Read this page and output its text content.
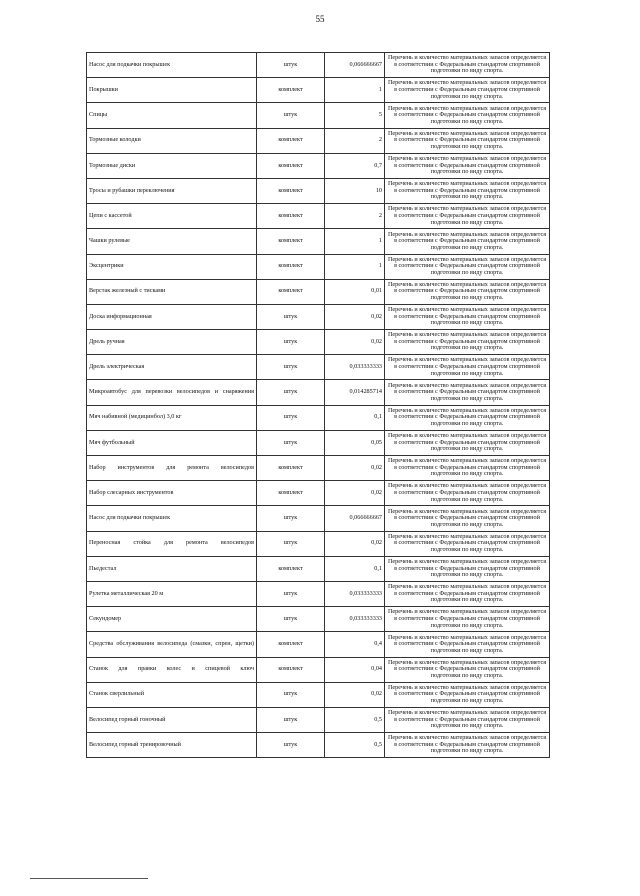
55
Насос для подкачки покрышек	штук	0,066666667	Перечень и количество материальных запасов определяется в соответствии с Федеральным стандартом спортивной подготовки по виду спорта.
Покрышки	комплект	1	Перечень и количество материальных запасов определяется в соответствии с Федеральным стандартом спортивной подготовки по виду спорта.
Спицы	штук	5	Перечень и количество материальных запасов определяется в соответствии с Федеральным стандартом спортивной подготовки по виду спорта.
Тормозные колодки	комплект	2	Перечень и количество материальных запасов определяется в соответствии с Федеральным стандартом спортивной подготовки по виду спорта.
Тормозные диски	комплект	0,7	Перечень и количество материальных запасов определяется в соответствии с Федеральным стандартом спортивной подготовки по виду спорта.
Тросы и рубашки переключения	комплект	10	Перечень и количество материальных запасов определяется в соответствии с Федеральным стандартом спортивной подготовки по виду спорта.
Цепи с кассетой	комплект	2	Перечень и количество материальных запасов определяется в соответствии с Федеральным стандартом спортивной подготовки по виду спорта.
Чашки рулевые	комплект	1	Перечень и количество материальных запасов определяется в соответствии с Федеральным стандартом спортивной подготовки по виду спорта.
Эксцентрики	комплект	1	Перечень и количество материальных запасов определяется в соответствии с Федеральным стандартом спортивной подготовки по виду спорта.
Верстак железный с тисками	комплект	0,01	Перечень и количество материальных запасов определяется в соответствии с Федеральным стандартом спортивной подготовки по виду спорта.
Доска информационная	штук	0,02	Перечень и количество материальных запасов определяется в соответствии с Федеральным стандартом спортивной подготовки по виду спорта.
Дрель ручная	штук	0,02	Перечень и количество материальных запасов определяется в соответствии с Федеральным стандартом спортивной подготовки по виду спорта.
Дрель электрическая	штук	0,033333333	Перечень и количество материальных запасов определяется в соответствии с Федеральным стандартом спортивной подготовки по виду спорта.
Микроавтобус для перевозки велосипедов и снаряжения	штук	0,014285714	Перечень и количество материальных запасов определяется в соответствии с Федеральным стандартом спортивной подготовки по виду спорта.
Мяч набивной (медицинбол) 3,0 кг	штук	0,1	Перечень и количество материальных запасов определяется в соответствии с Федеральным стандартом спортивной подготовки по виду спорта.
Мяч футбольный	штук	0,05	Перечень и количество материальных запасов определяется в соответствии с Федеральным стандартом спортивной подготовки по виду спорта.
Набор инструментов для ремонта велосипедов	комплект	0,02	Перечень и количество материальных запасов определяется в соответствии с Федеральным стандартом спортивной подготовки по виду спорта.
Набор слесарных инструментов	комплект	0,02	Перечень и количество материальных запасов определяется в соответствии с Федеральным стандартом спортивной подготовки по виду спорта.
Насос для подкачки покрышек	штук	0,066666667	Перечень и количество материальных запасов определяется в соответствии с Федеральным стандартом спортивной подготовки по виду спорта.
Переносная стойка для ремонта велосипедов	штук	0,02	Перечень и количество материальных запасов определяется в соответствии с Федеральным стандартом спортивной подготовки по виду спорта.
Пьедестал	комплект	0,1	Перечень и количество материальных запасов определяется в соответствии с Федеральным стандартом спортивной подготовки по виду спорта.
Рулетка металлическая 20 м	штук	0,033333333	Перечень и количество материальных запасов определяется в соответствии с Федеральным стандартом спортивной подготовки по виду спорта.
Секундомер	штук	0,033333333	Перечень и количество материальных запасов определяется в соответствии с Федеральным стандартом спортивной подготовки по виду спорта.
Средства обслуживания велосипеда (смазки, спреи, щетки)	комплект	0,4	Перечень и количество материальных запасов определяется в соответствии с Федеральным стандартом спортивной подготовки по виду спорта.
Станок для правки колес и спицевой ключ	комплект	0,04	Перечень и количество материальных запасов определяется в соответствии с Федеральным стандартом спортивной подготовки по виду спорта.
Станок сверлильный	штук	0,02	Перечень и количество материальных запасов определяется в соответствии с Федеральным стандартом спортивной подготовки по виду спорта.
Велосипед горный гоночный	штук	0,5	Перечень и количество материальных запасов определяется в соответствии с Федеральным стандартом спортивной подготовки по виду спорта.
Велосипед горный тренировочный	штук	0,5	Перечень и количество материальных запасов определяется в соответствии с Федеральным стандартом спортивной подготовки по виду спорта.
